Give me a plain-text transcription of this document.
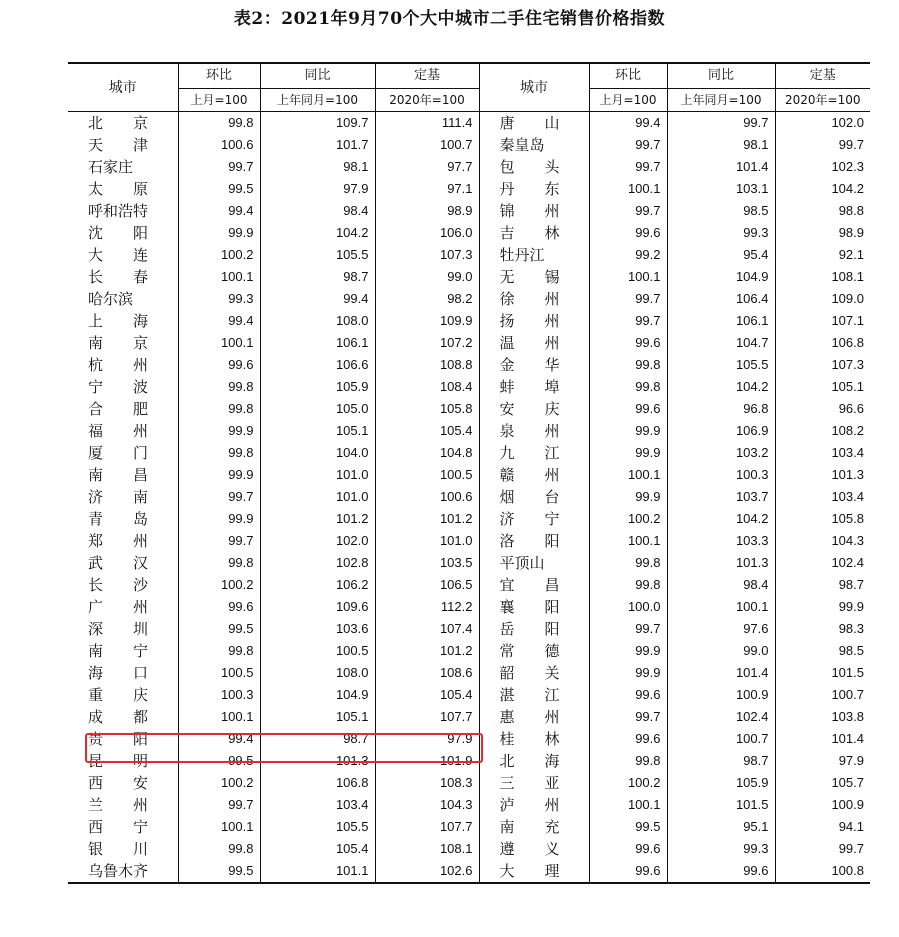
表2：2021年9月70个大中城市二手住宅销售价格指数
城市	环比	同比	定基	城市	环比	同比	定基
	上月=100	上年同月=100	2020年=100		上月=100	上年同月=100	2020年=100
北　　京	99.8	109.7	111.4	唐　　山	99.4	99.7	102.0
天　　津	100.6	101.7	100.7	秦皇岛	99.7	98.1	99.7
石家庄	99.7	98.1	97.7	包　　头	99.7	101.4	102.3
太　　原	99.5	97.9	97.1	丹　　东	100.1	103.1	104.2
呼和浩特	99.4	98.4	98.9	锦　　州	99.7	98.5	98.8
沈　　阳	99.9	104.2	106.0	吉　　林	99.6	99.3	98.9
大　　连	100.2	105.5	107.3	牡丹江	99.2	95.4	92.1
长　　春	100.1	98.7	99.0	无　　锡	100.1	104.9	108.1
哈尔滨	99.3	99.4	98.2	徐　　州	99.7	106.4	109.0
上　　海	99.4	108.0	109.9	扬　　州	99.7	106.1	107.1
南　　京	100.1	106.1	107.2	温　　州	99.6	104.7	106.8
杭　　州	99.6	106.6	108.8	金　　华	99.8	105.5	107.3
宁　　波	99.8	105.9	108.4	蚌　　埠	99.8	104.2	105.1
合　　肥	99.8	105.0	105.8	安　　庆	99.6	96.8	96.6
福　　州	99.9	105.1	105.4	泉　　州	99.9	106.9	108.2
厦　　门	99.8	104.0	104.8	九　　江	99.9	103.2	103.4
南　　昌	99.9	101.0	100.5	赣　　州	100.1	100.3	101.3
济　　南	99.7	101.0	100.6	烟　　台	99.9	103.7	103.4
青　　岛	99.9	101.2	101.2	济　　宁	100.2	104.2	105.8
郑　　州	99.7	102.0	101.0	洛　　阳	100.1	103.3	104.3
武　　汉	99.8	102.8	103.5	平顶山	99.8	101.3	102.4
长　　沙	100.2	106.2	106.5	宜　　昌	99.8	98.4	98.7
广　　州	99.6	109.6	112.2	襄　　阳	100.0	100.1	99.9
深　　圳	99.5	103.6	107.4	岳　　阳	99.7	97.6	98.3
南　　宁	99.8	100.5	101.2	常　　德	99.9	99.0	98.5
海　　口	100.5	108.0	108.6	韶　　关	99.9	101.4	101.5
重　　庆	100.3	104.9	105.4	湛　　江	99.6	100.9	100.7
成　　都	100.1	105.1	107.7	惠　　州	99.7	102.4	103.8
贵　　阳	99.4	98.7	97.9	桂　　林	99.6	100.7	101.4
昆　　明	99.5	101.3	101.9	北　　海	99.8	98.7	97.9
西　　安	100.2	106.8	108.3	三　　亚	100.2	105.9	105.7
兰　　州	99.7	103.4	104.3	泸　　州	100.1	101.5	100.9
西　　宁	100.1	105.5	107.7	南　　充	99.5	95.1	94.1
银　　川	99.8	105.4	108.1	遵　　义	99.6	99.3	99.7
乌鲁木齐	99.5	101.1	102.6	大　　理	99.6	99.6	100.8
